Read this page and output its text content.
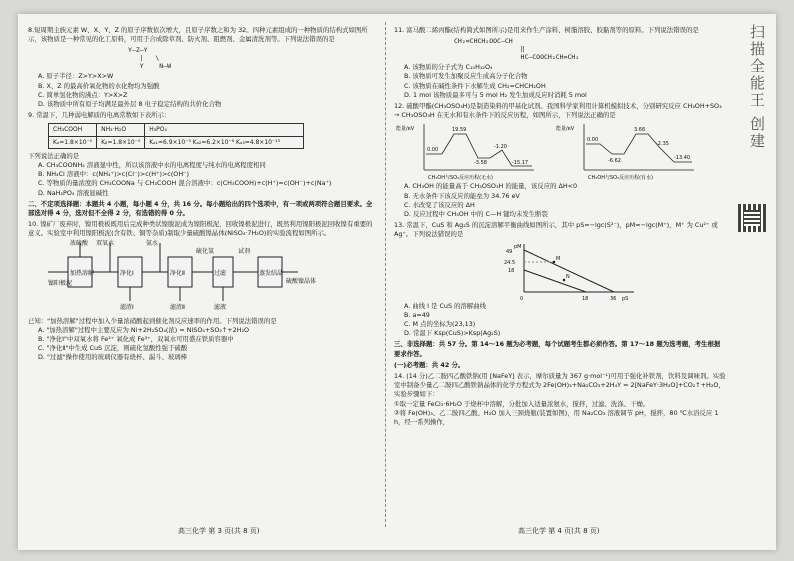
8.短周期主族元素 W、X、Y、Z 的原子序数依次增大，且原子序数之和为 32。四种元素组成的一种物质的结构式如图所示，该物质是一种常见的化工原料，可用于合成除草剂、防火剂、阻燃剂、金属清洗剂等。下列说法错误的是

Y—Z—Y
|   \
Y    N—W

A. 原子半径：Z>Y>X>W

B. X、Z 的最高价氧化物的水化物均为强酸

C. 简单氢化物的沸点：Y>X>Z

D. 该物质中所有原子均满足最外层 8 电子稳定结构的共价化合物

9. 常温下，几种弱电解质的电离常数如下表所示：

CH₃COOH	NH₃·H₂O	H₃PO₄
Kₐ=1.8×10⁻⁵	Kᵦ=1.8×10⁻⁵	Kₐ₁=6.9×10⁻³ Kₐ₂=6.2×10⁻⁸ Kₐ₃=4.8×10⁻¹³

下列说法正确的是

A. CH₃COONH₄ 溶液显中性，所以该溶液中水的电离程度与纯水的电离程度相同

B. NH₄Cl 溶液中：c(NH₄⁺)>c(Cl⁻)>c(H⁺)>c(OH⁻)

C. 等物质的量浓度的 CH₃COONa 与 CH₃COOH 混合溶液中：c(CH₃COOH)+c(H⁺)=c(OH⁻)+c(Na⁺)

D. NaH₂PO₄ 溶液显碱性

二、不定项选择题：本题共 4 小题，每小题 4 分，共 16 分。每小题给出的四个选项中，有一项或两项符合题目要求。全部选对得 4 分，选对但不全得 2 分，有选错的得 0 分。

10. 镍矿厂废弃时，镍用极板既用后完成种类状镍脱泥成为镍阳极泥，回收镍极泥进行，既然利用镍阳极泥回收镍有重要的意义。实验室中利用镍阳极泥(含有铁、铜等杂质)制取少量硫酸镍晶体(NiSO₄·7H₂O)的实验流程如图所示。

加热溶解	净化Ⅰ	净化Ⅱ	过滤	蒸发结晶
硫酸镍晶体
浓硫酸 双氧水	氨水
硫化氢	试剂
镍阳极泥
滤渣Ⅰ	滤渣Ⅱ	滤液

已知："加热溶解"过程中加入少量浓硝酸起到催化剂反应速率的作用。下列说法错误的是

A. "加热溶解"过程中主要反应为 Ni+2H₂SO₄(浓) = NiSO₄+SO₂↑+2H₂O

B. "净化Ⅰ"中双氧水将 Fe²⁺ 氧化成 Fe³⁺，双氧水可用盛在铁质容器中

C. "净化Ⅱ"中生成 CuS 沉淀，则硫化氢酸性强于硫酸

D. "过滤"操作使用的玻璃仪器有烧杯、漏斗、玻璃棒

11. 富马酸二烯丙酯(结构简式如图所示)是用来作生产涂料、树脂溶胶、胶黏剂等的原料。下列说法错误的是

CH₂=CHCH₂OOC—CH
‖
HC—COOCH₂CH=CH₂

A. 该物质的分子式为 C₁₀H₁₂O₄

B. 该物质可发生加聚反应生成高分子化合物

C. 该物质在碱性条件下水解生成 CH₂=CHCH₂OH

D. 1 mol 该物质最多可与 5 mol H₂ 发生加成反应时消耗 5 mol

12. 硫酸甲酯(CH₃OSO₃H)是制造染料的甲基化试剂。我国科学家利用计算机模拟技术，分别研究反应 CH₃OH+SO₃ → CH₃OSO₃H 在无水和有水条件下的反应历程，如图所示，下列说法正确的是

能量/eV
0.00
19.59
-3.58
-1.20
-15.17
CH₃OH与SO₃反应历程(无水)
能量/eV
0.00
-6.62
3.66
-2.35
-13.40
CH₃OH与SO₃反应历程(有水)

A. CH₃OH 的能量高于 CH₃OSO₃H 的能量，该反应的 ΔH<0

B. 无水条件下该反应的能垒为 34.76 eV

C. 水改变了该反应的 ΔH

D. 反应过程中 CH₃OH 中的 C—H 键均未发生断裂

13. 常温下，CuS 和 Ag₂S 的沉淀溶解平衡曲线如图所示，其中 pS=−lgc(S²⁻)，pM=−lgc(M⁺)，M⁺ 为 Cu²⁺ 或 Ag⁺。下列说法错误的是

pM
49
24.5
18
0	18	36 pS
M
N

A. 曲线 Ⅰ 是 CuS 的溶解曲线

B. a=49

C. M 点的坐标为(23,13)

D. 常温下 Ksp(CuS)>Ksp(Ag₂S)

三、非选择题：共 57 分。第 14～16 题为必考题，每个试题考生都必须作答。第 17～18 题为选考题，考生根据要求作答。

(一)必考题：共 42 分。

14. (14 分)乙二胺四乙酸铁钠(用 [NaFeY] 表示，摩尔质量为 367 g·mol⁻¹)可用于强化补铁剂，饮料及调味剂。实验室中制备少量乙二胺四乙酸铁钠晶体的化学方程式为 2Fe(OH)₃+Na₂CO₃+2H₄Y = 2[NaFeY·3H₂O]+CO₂↑+H₂O，实验步骤如下：

①取一定量 FeCl₃·6H₂O 于烧杯中溶解，分批加入适量浓氨水，搅拌，过滤、洗涤、干燥。

②将 Fe(OH)₃、乙二胺四乙酸、H₂O 加入三颈烧瓶(装置如图)，用 Na₂CO₃ 溶液调节 pH，搅拌，80 ℃水浴反应 1 h，经一系列操作，

高三化学 第 3 页(共 8 页)	高三化学 第 4 页(共 8 页)
扫描全能王 创建
